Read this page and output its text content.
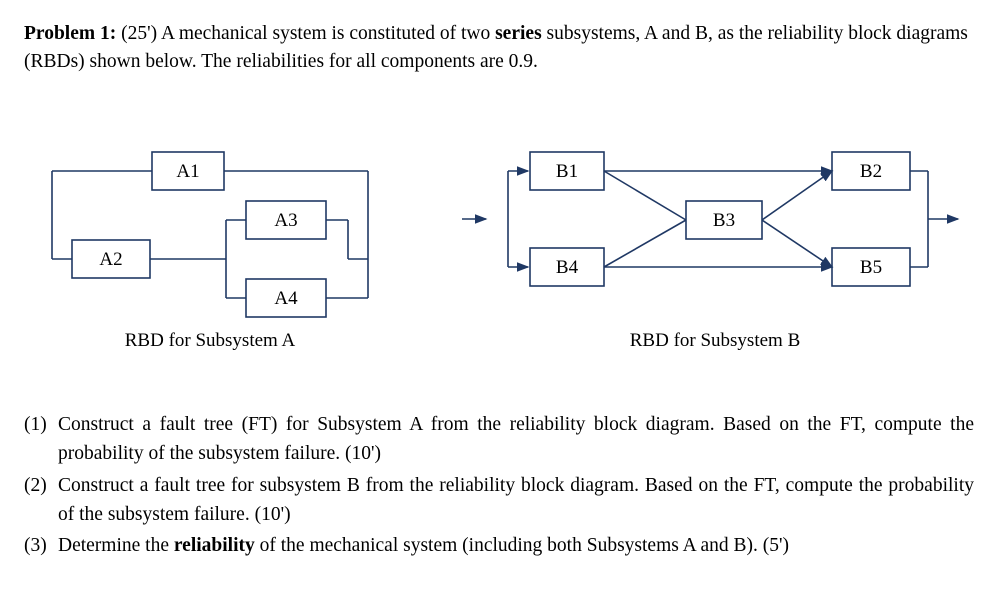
Problem 1: (25') A mechanical system is constituted of two series subsystems, A and B, as the reliability block diagrams (RBDs) shown below. The reliabilities for all components are 0.9.
A1
A2
A3
A4
B1
B4
B3
B2
B5
RBD for Subsystem A	RBD for Subsystem B
(1) Construct a fault tree (FT) for Subsystem A from the reliability block diagram. Based on the FT, compute the probability of the subsystem failure. (10')
(2) Construct a fault tree for subsystem B from the reliability block diagram. Based on the FT, compute the probability of the subsystem failure. (10')
(3) Determine the reliability of the mechanical system (including both Subsystems A and B). (5')
